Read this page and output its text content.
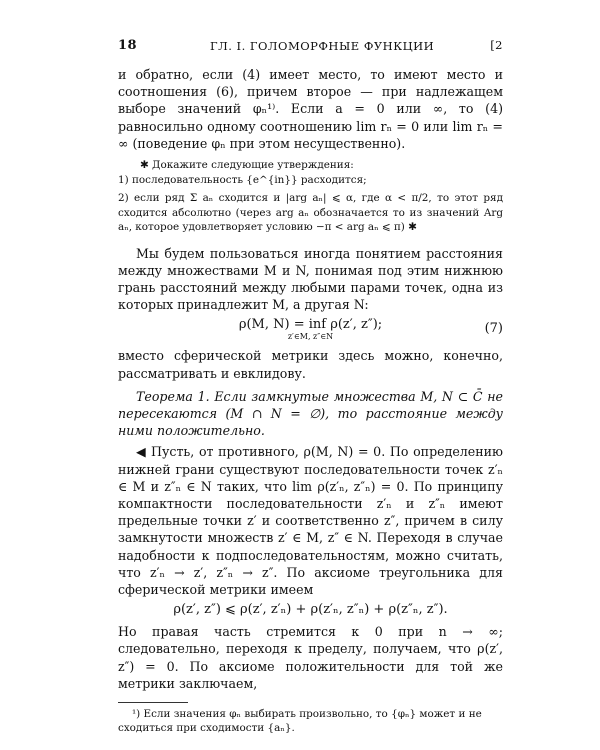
18	ГЛ. I. ГОЛОМОРФНЫЕ ФУНКЦИИ	[2

и обратно, если (4) имеет место, то имеют место и соотношения (6), причем второе — при надлежащем выборе значений φₙ¹⁾. Если a = 0 или ∞, то (4) равносильно одному соотношению lim rₙ = 0 или lim rₙ = ∞ (поведение φₙ при этом несущественно).

✱ Докажите следующие утверждения:

1) последовательность {e^{in}} расходится;

2) если ряд Σ aₙ сходится и |arg aₙ| ⩽ α, где α < π/2, то этот ряд сходится абсолютно (через arg aₙ обозначается то из значений Arg aₙ, которое удовлетворяет условию −π < arg aₙ ⩽ π) ✱

Мы будем пользоваться иногда понятием расстояния между множествами M и N, понимая под этим нижнюю грань расстояний между любыми парами точек, одна из которых принадлежит M, а другая N:

ρ(M, N) = inf ρ(z′, z″);
z′∈M, z″∈N
(7)

вместо сферической метрики здесь можно, конечно, рассматривать и евклидову.

Теорема 1. Если замкнутые множества M, N ⊂ C̄ не пересекаются (M ∩ N = ∅), то расстояние между ними положительно.

◀ Пусть, от противного, ρ(M, N) = 0. По определению нижней грани существуют последовательности точек z′ₙ ∈ M и z″ₙ ∈ N таких, что lim ρ(z′ₙ, z″ₙ) = 0. По принципу компактности последовательности z′ₙ и z″ₙ имеют предельные точки z′ и соответственно z″, причем в силу замкнутости множеств z′ ∈ M, z″ ∈ N. Переходя в случае надобности к подпоследовательностям, можно считать, что z′ₙ → z′, z″ₙ → z″. По аксиоме треугольника для сферической метрики имеем

ρ(z′, z″) ⩽ ρ(z′, z′ₙ) + ρ(z′ₙ, z″ₙ) + ρ(z″ₙ, z″).

Но правая часть стремится к 0 при n → ∞; следовательно, переходя к пределу, получаем, что ρ(z′, z″) = 0. По аксиоме положительности для той же метрики заключаем,

¹) Если значения φₙ выбирать произвольно, то {φₙ} может и не сходиться при сходимости {aₙ}.
